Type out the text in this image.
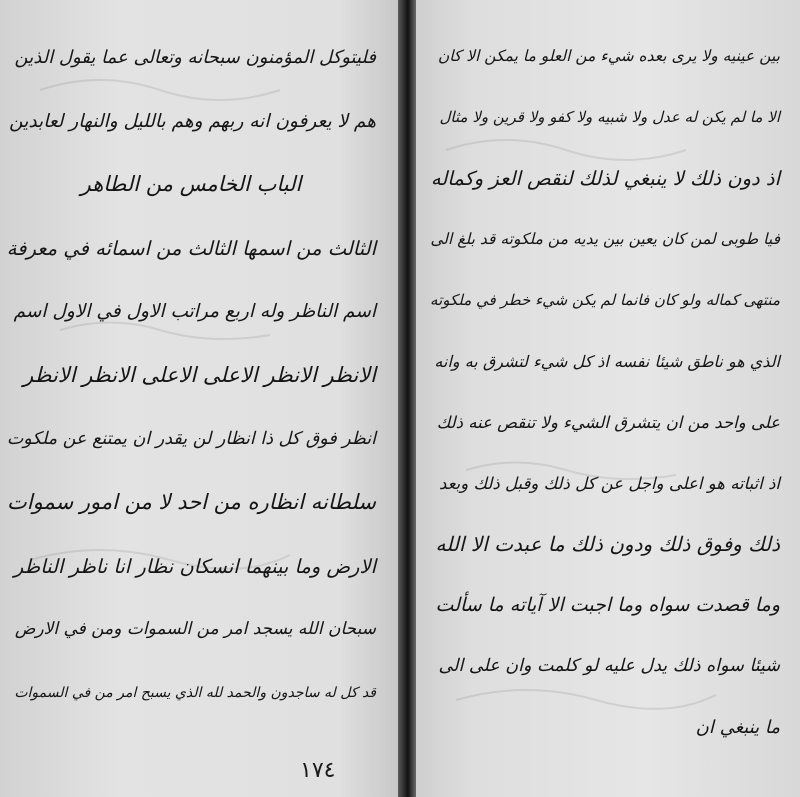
فليتوكل المؤمنون سبحانه وتعالى عما يقول الذين
هم لا يعرفون انه ربهم وهم بالليل والنهار لعابدين
الباب الخامس من الطاهر
الثالث من اسمها الثالث من اسمائه في معرفة
اسم الناظر وله اربع مراتب الاول في الاول اسم
الانظر الانظر الاعلى الاعلى الانظر الانظر
انظر فوق كل ذا انظار لن يقدر ان يمتنع عن ملكوت
سلطانه انظاره من احد لا من امور سموات
الارض وما بينهما انسكان نظار انا ناظر الناظر
سبحان الله يسجد امر من السموات ومن في الارض
قد كل له ساجدون والحمد لله الذي يسبح امر من في السموات
١٧٤
بين عينيه ولا يرى بعده شيء من العلو ما يمكن الا كان
الا ما لم يكن له عدل ولا شبيه ولا كفو ولا قرين ولا مثال
اذ دون ذلك لا ينبغي لذلك لنقص العز وكماله
فيا طوبى لمن كان يعين بين يديه من ملكوته قد بلغ الى
منتهى كماله ولو كان فانما لم يكن شيء خطر في ملكوته
الذي هو ناطق شيئا نفسه اذ كل شيء لتشرق به وانه
على واحد من ان يتشرق الشيء ولا تنقص عنه ذلك
اذ اثباته هو اعلى واجل عن كل ذلك وقبل ذلك وبعد
ذلك وفوق ذلك ودون ذلك ما عبدت الا الله
وما قصدت سواه وما اجبت الا آياته ما سألت
شيئا سواه ذلك يدل عليه لو كلمت وان على الى
ما ينبغي ان
